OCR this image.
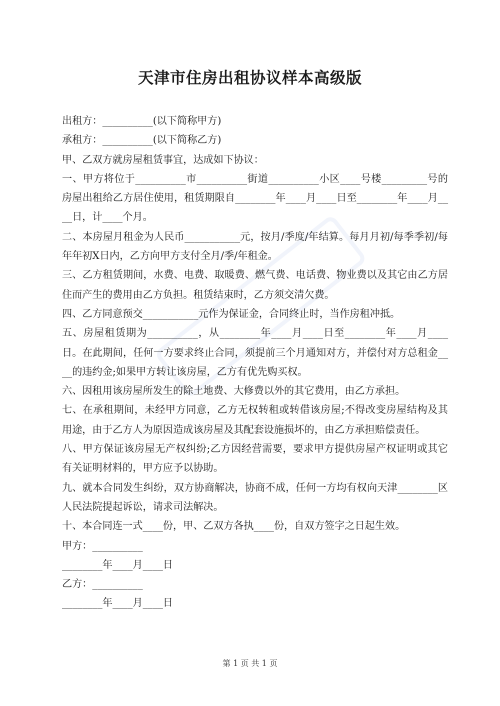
天津市住房出租协议样本高级版

出租方：__________(以下简称甲方)

承租方：__________(以下简称乙方)

甲、乙双方就房屋租赁事宜，达成如下协议：

一、甲方将位于__________市__________街道__________小区____号楼_________号的房屋出租给乙方居住使用，租赁期限自________年____月____日至________年____月____日，计____个月。

二、本房屋月租金为人民币___________元，按月/季度/年结算。每月月初/每季季初/每年年初X日内，乙方向甲方支付全月/季/年租金。

三、乙方租赁期间，水费、电费、取暖费、燃气费、电话费、物业费以及其它由乙方居住而产生的费用由乙方负担。租赁结束时，乙方须交清欠费。

四、乙方同意预交___________元作为保证金，合同终止时，当作房租冲抵。

五、房屋租赁期为__________，从________年____月____日至________年____月____日。在此期间，任何一方要求终止合同，须提前三个月通知对方，并偿付对方总租金____的违约金;如果甲方转让该房屋，乙方有优先购买权。

六、因租用该房屋所发生的除土地费、大修费以外的其它费用，由乙方承担。

七、在承租期间，未经甲方同意，乙方无权转租或转借该房屋;不得改变房屋结构及其用途，由于乙方人为原因造成该房屋及其配套设施损坏的，由乙方承担赔偿责任。

八、甲方保证该房屋无产权纠纷;乙方因经营需要，要求甲方提供房屋产权证明或其它有关证明材料的，甲方应予以协助。

九、就本合同发生纠纷，双方协商解决，协商不成，任何一方均有权向天津________区人民法院提起诉讼，请求司法解决。

十、本合同连一式____份，甲、乙双方各执____份，自双方签字之日起生效。

甲方：__________

________年____月____日

乙方：__________

________年____月____日

第 1 页 共 1 页
